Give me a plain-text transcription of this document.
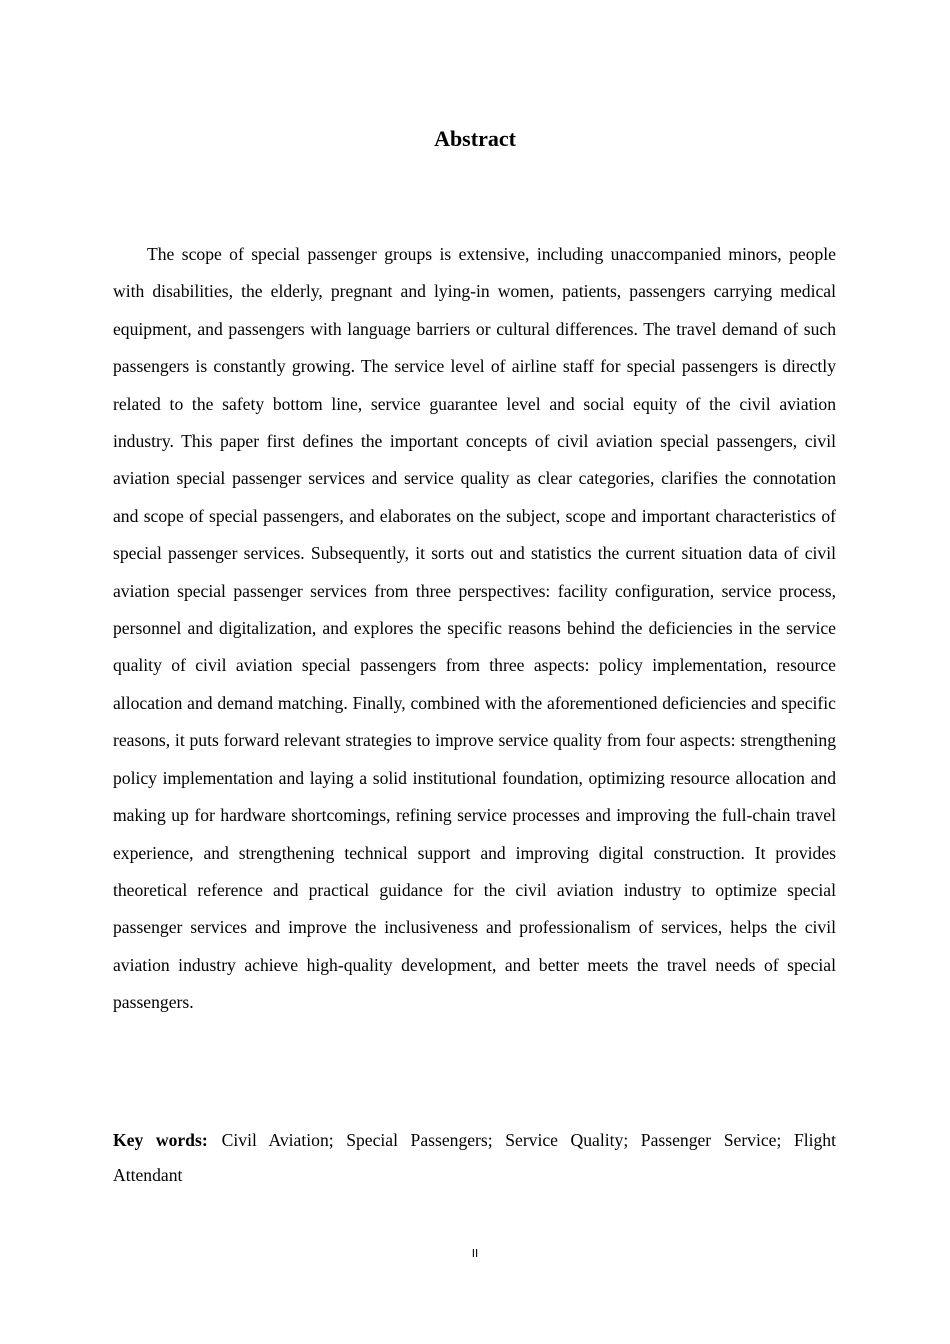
Abstract

The scope of special passenger groups is extensive, including unaccompanied minors, people with disabilities, the elderly, pregnant and lying-in women, patients, passengers carrying medical equipment, and passengers with language barriers or cultural differences. The travel demand of such passengers is constantly growing. The service level of airline staff for special passengers is directly related to the safety bottom line, service guarantee level and social equity of the civil aviation industry. This paper first defines the important concepts of civil aviation special passengers, civil aviation special passenger services and service quality as clear categories, clarifies the connotation and scope of special passengers, and elaborates on the subject, scope and important characteristics of special passenger services. Subsequently, it sorts out and statistics the current situation data of civil aviation special passenger services from three perspectives: facility configuration, service process, personnel and digitalization, and explores the specific reasons behind the deficiencies in the service quality of civil aviation special passengers from three aspects: policy implementation, resource allocation and demand matching. Finally, combined with the aforementioned deficiencies and specific reasons, it puts forward relevant strategies to improve service quality from four aspects: strengthening policy implementation and laying a solid institutional foundation, optimizing resource allocation and making up for hardware shortcomings, refining service processes and improving the full-chain travel experience, and strengthening technical support and improving digital construction. It provides theoretical reference and practical guidance for the civil aviation industry to optimize special passenger services and improve the inclusiveness and professionalism of services, helps the civil aviation industry achieve high-quality development, and better meets the travel needs of special passengers.

Key words: Civil Aviation; Special Passengers; Service Quality; Passenger Service; Flight  Attendant

II
